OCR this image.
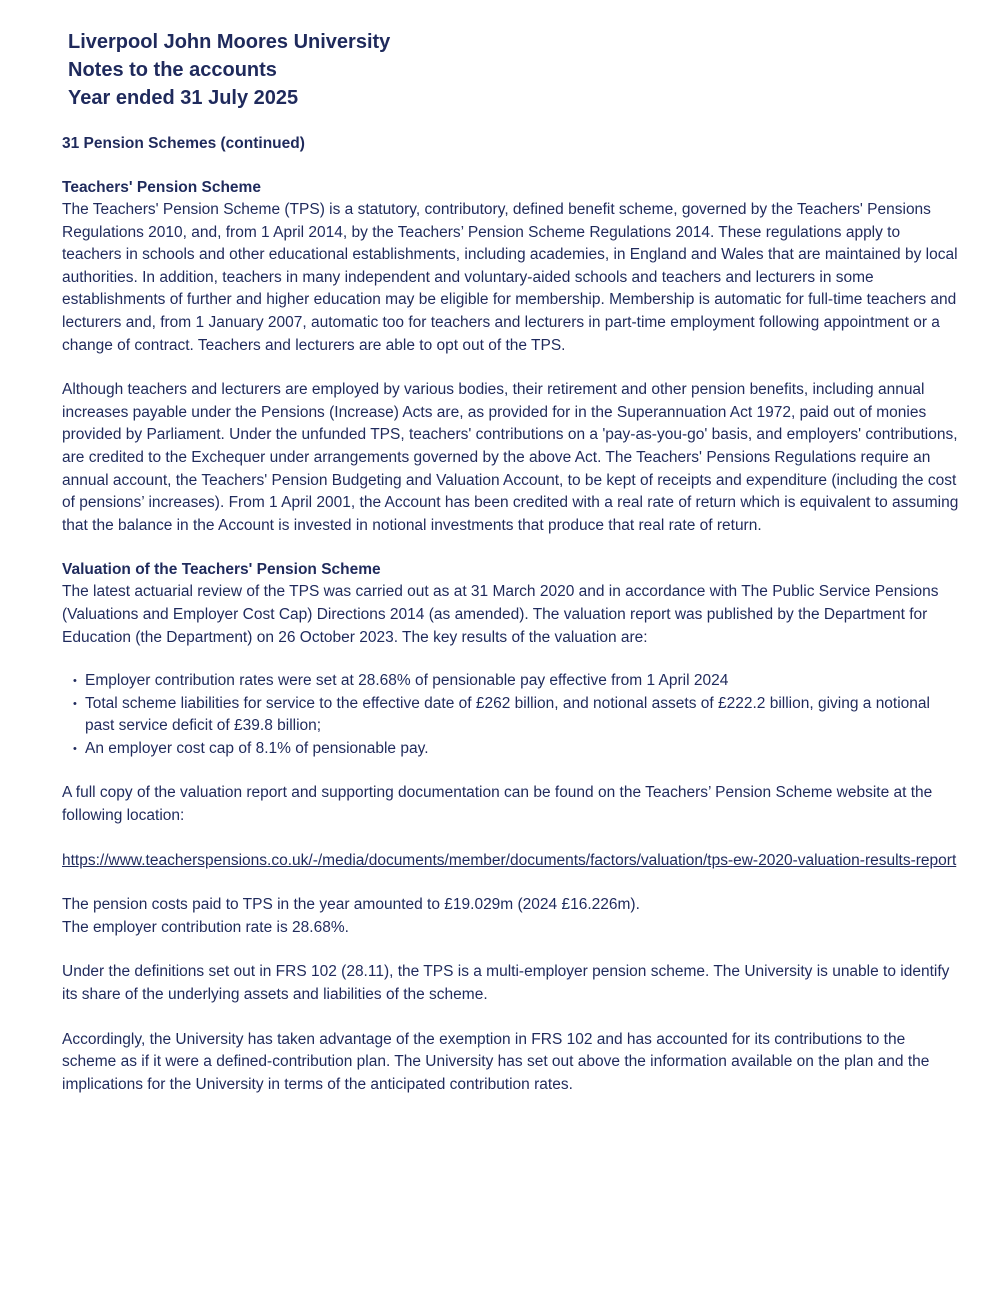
Liverpool John Moores University
Notes to the accounts
Year ended 31 July 2025
31 Pension Schemes (continued)
Teachers' Pension Scheme

The Teachers' Pension Scheme (TPS) is a statutory, contributory, defined benefit scheme, governed by the Teachers' Pensions Regulations 2010, and, from 1 April 2014, by the Teachers’ Pension Scheme Regulations 2014. These regulations apply to teachers in schools and other educational establishments, including academies, in England and Wales that are maintained by local authorities. In addition, teachers in many independent and voluntary-aided schools and teachers and lecturers in some establishments of further and higher education may be eligible for membership. Membership is automatic for full-time teachers and lecturers and, from 1 January 2007, automatic too for teachers and lecturers in part-time employment following appointment or a change of contract. Teachers and lecturers are able to opt out of the TPS.

Although teachers and lecturers are employed by various bodies, their retirement and other pension benefits, including annual increases payable under the Pensions (Increase) Acts are, as provided for in the Superannuation Act 1972, paid out of monies provided by Parliament. Under the unfunded TPS, teachers' contributions on a 'pay-as-you-go' basis, and employers' contributions, are credited to the Exchequer under arrangements governed by the above Act. The Teachers' Pensions Regulations require an annual account, the Teachers' Pension Budgeting and Valuation Account, to be kept of receipts and expenditure (including the cost of pensions’ increases). From 1 April 2001, the Account has been credited with a real rate of return which is equivalent to assuming that the balance in the Account is invested in notional investments that produce that real rate of return.

Valuation of the Teachers' Pension Scheme

The latest actuarial review of the TPS was carried out as at 31 March 2020 and in accordance with The Public Service Pensions (Valuations and Employer Cost Cap) Directions 2014 (as amended). The valuation report was published by the Department for Education (the Department) on 26 October 2023. The key results of the valuation are:

• Employer contribution rates were set at 28.68% of pensionable pay effective from 1 April 2024
• Total scheme liabilities for service to the effective date of £262 billion, and notional assets of £222.2 billion, giving a notional past service deficit of £39.8 billion;
• An employer cost cap of 8.1% of pensionable pay.

A full copy of the valuation report and supporting documentation can be found on the Teachers’ Pension Scheme website at the following location:

https://www.teacherspensions.co.uk/-/media/documents/member/documents/factors/valuation/tps-ew-2020-valuation-results-report

The pension costs paid to TPS in the year amounted to £19.029m (2024 £16.226m).
The employer contribution rate is 28.68%.

Under the definitions set out in FRS 102 (28.11), the TPS is a multi-employer pension scheme. The University is unable to identify its share of the underlying assets and liabilities of the scheme.

Accordingly, the University has taken advantage of the exemption in FRS 102 and has accounted for its contributions to the scheme as if it were a defined-contribution plan. The University has set out above the information available on the plan and the implications for the University in terms of the anticipated contribution rates.
